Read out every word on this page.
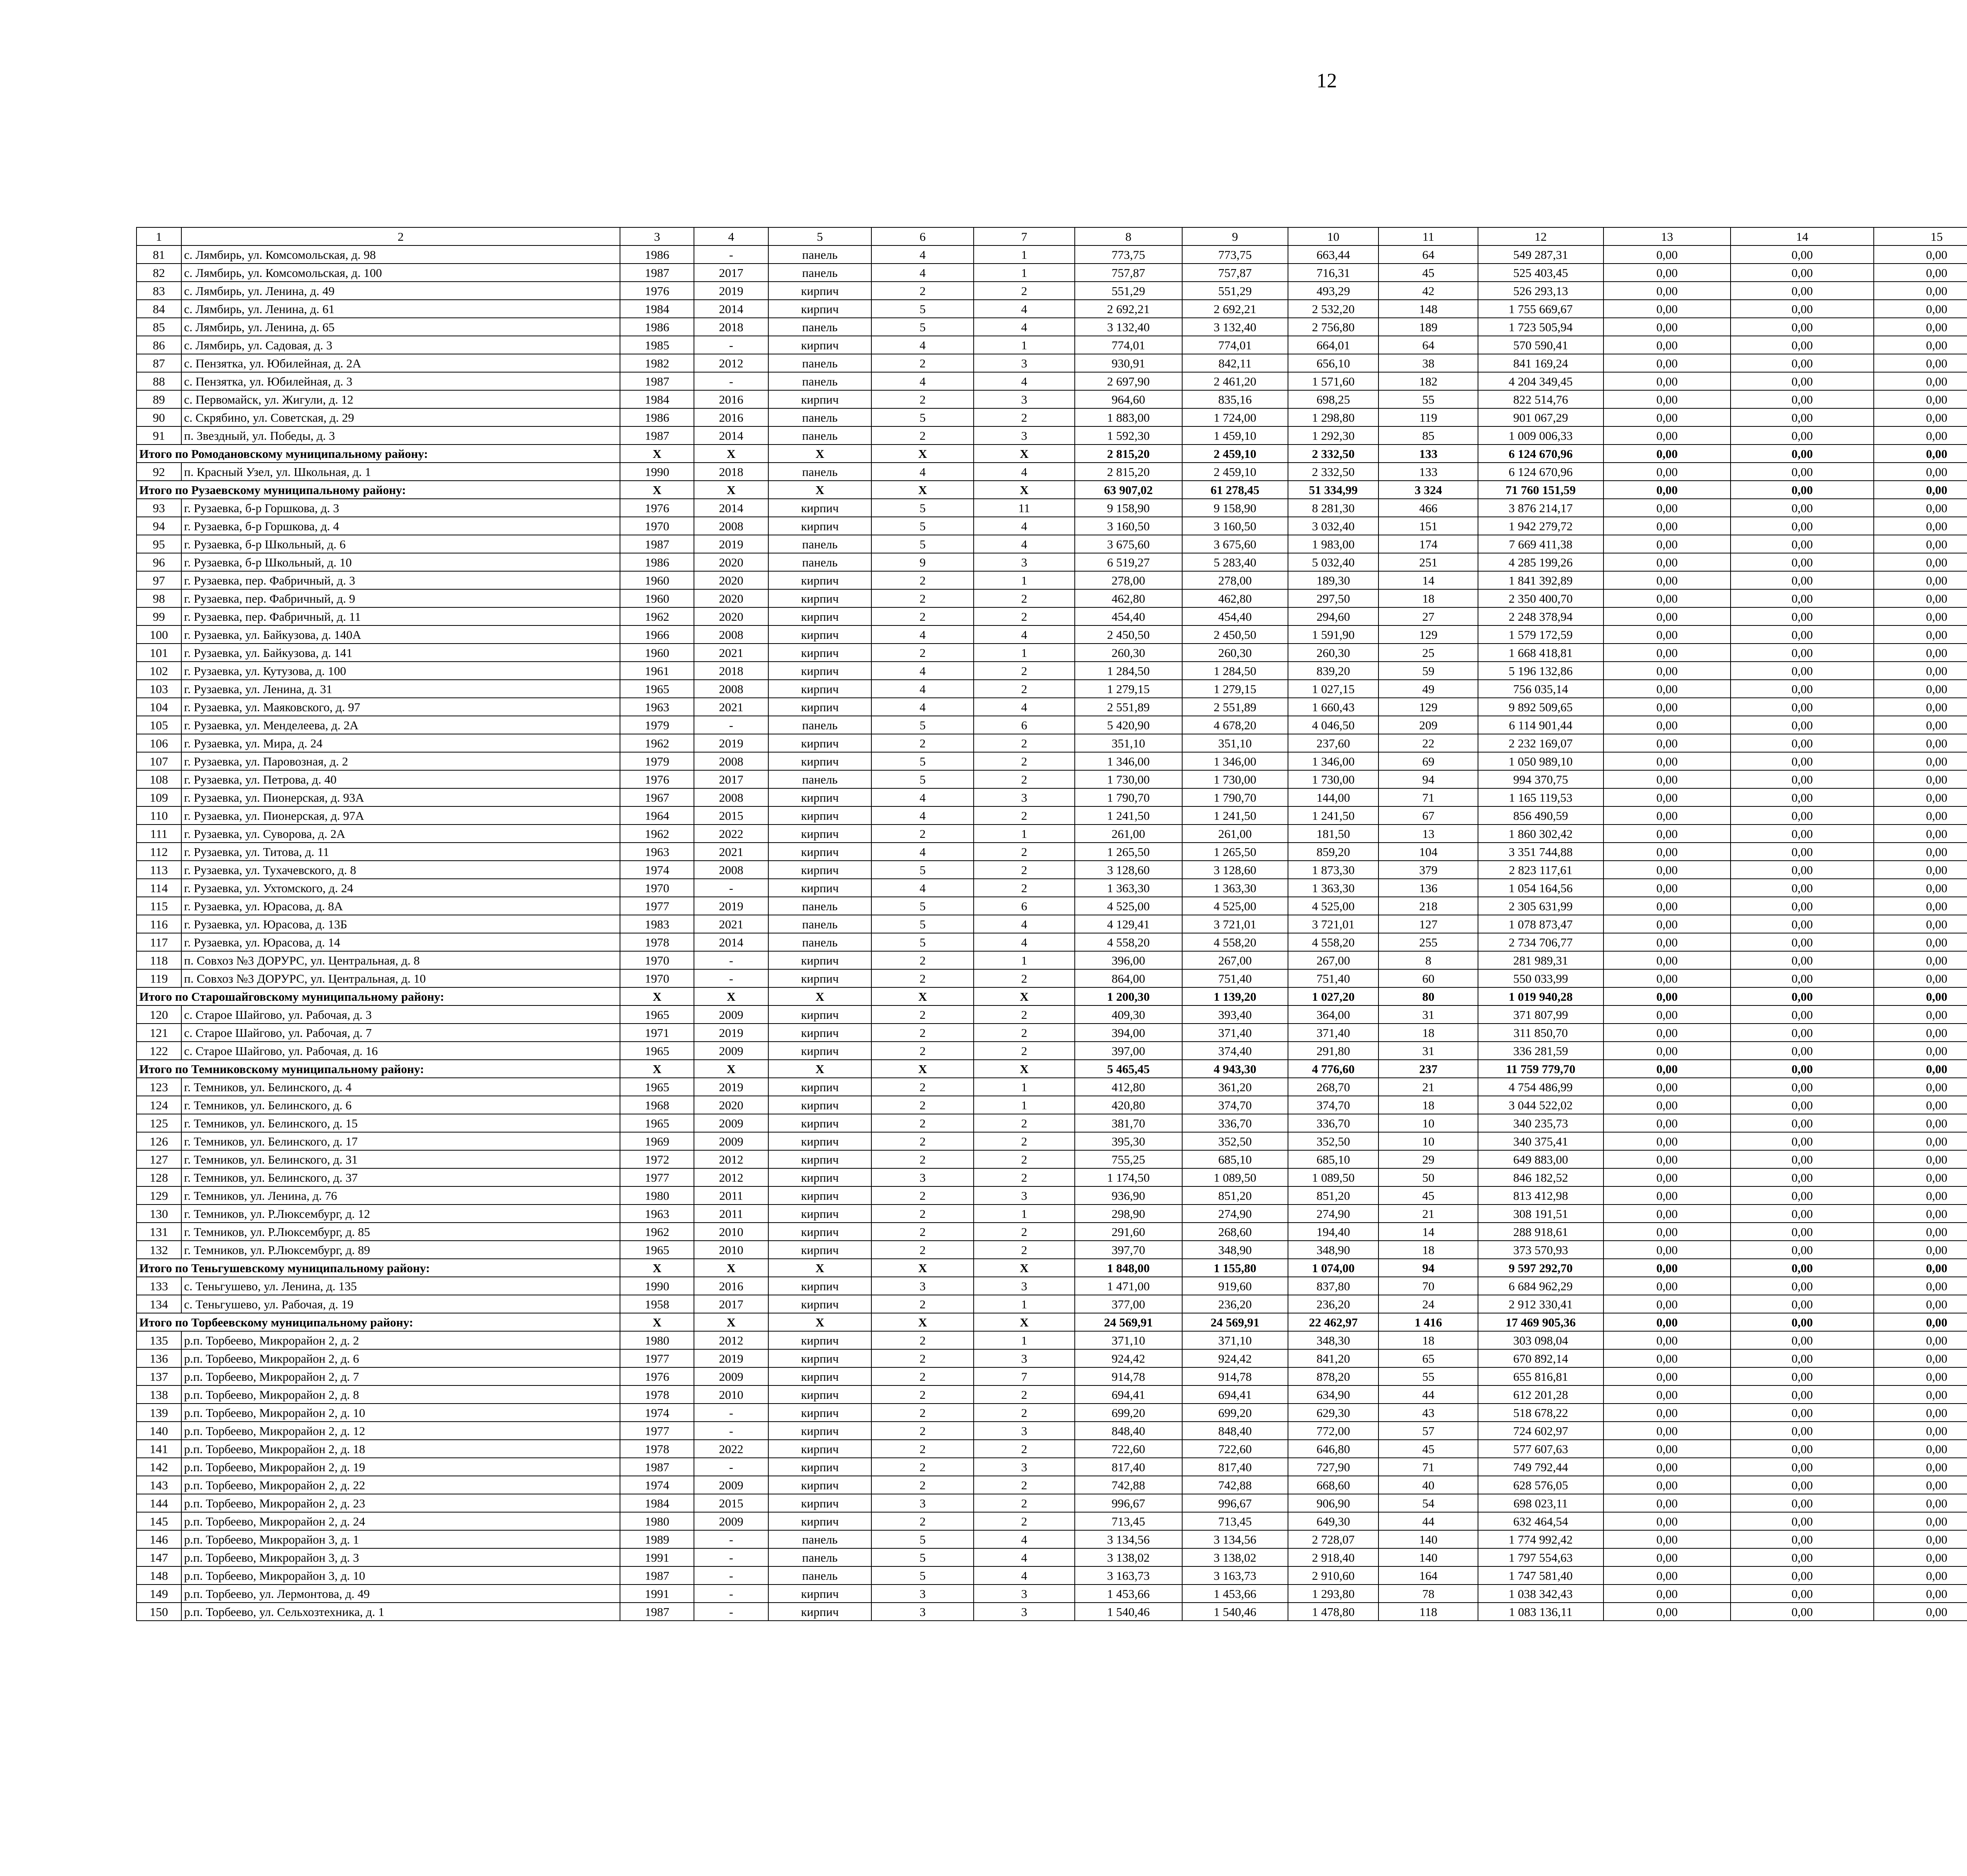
12
1	2	3	4	5	6	7	8	9	10	11	12	13	14	15				
81	с. Лямбирь, ул. Комсомольская, д. 98	1986	-	панель	4	1	773,75	773,75	663,44	64	549 287,31	0,00	0,00	0,00				
82	с. Лямбирь, ул. Комсомольская, д. 100	1987	2017	панель	4	1	757,87	757,87	716,31	45	525 403,45	0,00	0,00	0,00				
83	с. Лямбирь, ул. Ленина, д. 49	1976	2019	кирпич	2	2	551,29	551,29	493,29	42	526 293,13	0,00	0,00	0,00				
84	с. Лямбирь, ул. Ленина, д. 61	1984	2014	кирпич	5	4	2 692,21	2 692,21	2 532,20	148	1 755 669,67	0,00	0,00	0,00				
85	с. Лямбирь, ул. Ленина, д. 65	1986	2018	панель	5	4	3 132,40	3 132,40	2 756,80	189	1 723 505,94	0,00	0,00	0,00				
86	с. Лямбирь, ул. Садовая, д. 3	1985	-	кирпич	4	1	774,01	774,01	664,01	64	570 590,41	0,00	0,00	0,00				
87	с. Пензятка, ул. Юбилейная, д. 2А	1982	2012	панель	2	3	930,91	842,11	656,10	38	841 169,24	0,00	0,00	0,00				
88	с. Пензятка, ул. Юбилейная, д. 3	1987	-	панель	4	4	2 697,90	2 461,20	1 571,60	182	4 204 349,45	0,00	0,00	0,00				
89	с. Первомайск, ул. Жигули, д. 12	1984	2016	кирпич	2	3	964,60	835,16	698,25	55	822 514,76	0,00	0,00	0,00				
90	с. Скрябино, ул. Советская, д. 29	1986	2016	панель	5	2	1 883,00	1 724,00	1 298,80	119	901 067,29	0,00	0,00	0,00				
91	п. Звездный, ул. Победы, д. 3	1987	2014	панель	2	3	1 592,30	1 459,10	1 292,30	85	1 009 006,33	0,00	0,00	0,00				
Итого по Ромодановскому муниципальному району:		X	X	X	X	X	2 815,20	2 459,10	2 332,50	133	6 124 670,96	0,00	0,00	0,00				
92	п. Красный Узел, ул. Школьная, д. 1	1990	2018	панель	4	4	2 815,20	2 459,10	2 332,50	133	6 124 670,96	0,00	0,00	0,00				
Итого по Рузаевскому муниципальному району:		X	X	X	X	X	63 907,02	61 278,45	51 334,99	3 324	71 760 151,59	0,00	0,00	0,00				
93	г. Рузаевка, б-р Горшкова, д. 3	1976	2014	кирпич	5	11	9 158,90	9 158,90	8 281,30	466	3 876 214,17	0,00	0,00	0,00				
94	г. Рузаевка, б-р Горшкова, д. 4	1970	2008	кирпич	5	4	3 160,50	3 160,50	3 032,40	151	1 942 279,72	0,00	0,00	0,00				
95	г. Рузаевка, б-р Школьный, д. 6	1987	2019	панель	5	4	3 675,60	3 675,60	1 983,00	174	7 669 411,38	0,00	0,00	0,00				
96	г. Рузаевка, б-р Школьный, д. 10	1986	2020	панель	9	3	6 519,27	5 283,40	5 032,40	251	4 285 199,26	0,00	0,00	0,00				
97	г. Рузаевка, пер. Фабричный, д. 3	1960	2020	кирпич	2	1	278,00	278,00	189,30	14	1 841 392,89	0,00	0,00	0,00				
98	г. Рузаевка, пер. Фабричный, д. 9	1960	2020	кирпич	2	2	462,80	462,80	297,50	18	2 350 400,70	0,00	0,00	0,00				
99	г. Рузаевка, пер. Фабричный, д. 11	1962	2020	кирпич	2	2	454,40	454,40	294,60	27	2 248 378,94	0,00	0,00	0,00				
100	г. Рузаевка, ул. Байкузова, д. 140А	1966	2008	кирпич	4	4	2 450,50	2 450,50	1 591,90	129	1 579 172,59	0,00	0,00	0,00				
101	г. Рузаевка, ул. Байкузова, д. 141	1960	2021	кирпич	2	1	260,30	260,30	260,30	25	1 668 418,81	0,00	0,00	0,00				
102	г. Рузаевка, ул. Кутузова, д. 100	1961	2018	кирпич	4	2	1 284,50	1 284,50	839,20	59	5 196 132,86	0,00	0,00	0,00				
103	г. Рузаевка, ул. Ленина, д. 31	1965	2008	кирпич	4	2	1 279,15	1 279,15	1 027,15	49	756 035,14	0,00	0,00	0,00				
104	г. Рузаевка, ул. Маяковского, д. 97	1963	2021	кирпич	4	4	2 551,89	2 551,89	1 660,43	129	9 892 509,65	0,00	0,00	0,00				
105	г. Рузаевка, ул. Менделеева, д. 2А	1979	-	панель	5	6	5 420,90	4 678,20	4 046,50	209	6 114 901,44	0,00	0,00	0,00				
106	г. Рузаевка, ул. Мира, д. 24	1962	2019	кирпич	2	2	351,10	351,10	237,60	22	2 232 169,07	0,00	0,00	0,00				
107	г. Рузаевка, ул. Паровозная, д. 2	1979	2008	кирпич	5	2	1 346,00	1 346,00	1 346,00	69	1 050 989,10	0,00	0,00	0,00				
108	г. Рузаевка, ул. Петрова, д. 40	1976	2017	панель	5	2	1 730,00	1 730,00	1 730,00	94	994 370,75	0,00	0,00	0,00				
109	г. Рузаевка, ул. Пионерская, д. 93А	1967	2008	кирпич	4	3	1 790,70	1 790,70	144,00	71	1 165 119,53	0,00	0,00	0,00				
110	г. Рузаевка, ул. Пионерская, д. 97А	1964	2015	кирпич	4	2	1 241,50	1 241,50	1 241,50	67	856 490,59	0,00	0,00	0,00				
111	г. Рузаевка, ул. Суворова, д. 2А	1962	2022	кирпич	2	1	261,00	261,00	181,50	13	1 860 302,42	0,00	0,00	0,00				
112	г. Рузаевка, ул. Титова, д. 11	1963	2021	кирпич	4	2	1 265,50	1 265,50	859,20	104	3 351 744,88	0,00	0,00	0,00				
113	г. Рузаевка, ул. Тухачевского, д. 8	1974	2008	кирпич	5	2	3 128,60	3 128,60	1 873,30	379	2 823 117,61	0,00	0,00	0,00				
114	г. Рузаевка, ул. Ухтомского, д. 24	1970	-	кирпич	4	2	1 363,30	1 363,30	1 363,30	136	1 054 164,56	0,00	0,00	0,00				
115	г. Рузаевка, ул. Юрасова, д. 8А	1977	2019	панель	5	6	4 525,00	4 525,00	4 525,00	218	2 305 631,99	0,00	0,00	0,00				
116	г. Рузаевка, ул. Юрасова, д. 13Б	1983	2021	панель	5	4	4 129,41	3 721,01	3 721,01	127	1 078 873,47	0,00	0,00	0,00				
117	г. Рузаевка, ул. Юрасова, д. 14	1978	2014	панель	5	4	4 558,20	4 558,20	4 558,20	255	2 734 706,77	0,00	0,00	0,00				
118	п. Совхоз №3 ДОРУРС, ул. Центральная, д. 8	1970	-	кирпич	2	1	396,00	267,00	267,00	8	281 989,31	0,00	0,00	0,00				
119	п. Совхоз №3 ДОРУРС, ул. Центральная, д. 10	1970	-	кирпич	2	2	864,00	751,40	751,40	60	550 033,99	0,00	0,00	0,00				
Итого по Старошайговскому муниципальному району:		X	X	X	X	X	1 200,30	1 139,20	1 027,20	80	1 019 940,28	0,00	0,00	0,00				
120	с. Старое Шайгово, ул. Рабочая, д. 3	1965	2009	кирпич	2	2	409,30	393,40	364,00	31	371 807,99	0,00	0,00	0,00				
121	с. Старое Шайгово, ул. Рабочая, д. 7	1971	2019	кирпич	2	2	394,00	371,40	371,40	18	311 850,70	0,00	0,00	0,00				
122	с. Старое Шайгово, ул. Рабочая, д. 16	1965	2009	кирпич	2	2	397,00	374,40	291,80	31	336 281,59	0,00	0,00	0,00				
Итого по Темниковскому муниципальному району:		X	X	X	X	X	5 465,45	4 943,30	4 776,60	237	11 759 779,70	0,00	0,00	0,00				
123	г. Темников, ул. Белинского, д. 4	1965	2019	кирпич	2	1	412,80	361,20	268,70	21	4 754 486,99	0,00	0,00	0,00				
124	г. Темников, ул. Белинского, д. 6	1968	2020	кирпич	2	1	420,80	374,70	374,70	18	3 044 522,02	0,00	0,00	0,00				
125	г. Темников, ул. Белинского, д. 15	1965	2009	кирпич	2	2	381,70	336,70	336,70	10	340 235,73	0,00	0,00	0,00				
126	г. Темников, ул. Белинского, д. 17	1969	2009	кирпич	2	2	395,30	352,50	352,50	10	340 375,41	0,00	0,00	0,00				
127	г. Темников, ул. Белинского, д. 31	1972	2012	кирпич	2	2	755,25	685,10	685,10	29	649 883,00	0,00	0,00	0,00				
128	г. Темников, ул. Белинского, д. 37	1977	2012	кирпич	3	2	1 174,50	1 089,50	1 089,50	50	846 182,52	0,00	0,00	0,00				
129	г. Темников, ул. Ленина, д. 76	1980	2011	кирпич	2	3	936,90	851,20	851,20	45	813 412,98	0,00	0,00	0,00				
130	г. Темников, ул. Р.Люксембург, д. 12	1963	2011	кирпич	2	1	298,90	274,90	274,90	21	308 191,51	0,00	0,00	0,00				
131	г. Темников, ул. Р.Люксембург, д. 85	1962	2010	кирпич	2	2	291,60	268,60	194,40	14	288 918,61	0,00	0,00	0,00				
132	г. Темников, ул. Р.Люксембург, д. 89	1965	2010	кирпич	2	2	397,70	348,90	348,90	18	373 570,93	0,00	0,00	0,00				
Итого по Теньгушевскому муниципальному району:		X	X	X	X	X	1 848,00	1 155,80	1 074,00	94	9 597 292,70	0,00	0,00	0,00				
133	с. Теньгушево, ул. Ленина, д. 135	1990	2016	кирпич	3	3	1 471,00	919,60	837,80	70	6 684 962,29	0,00	0,00	0,00				
134	с. Теньгушево, ул. Рабочая, д. 19	1958	2017	кирпич	2	1	377,00	236,20	236,20	24	2 912 330,41	0,00	0,00	0,00				
Итого по Торбеевскому муниципальному району:		X	X	X	X	X	24 569,91	24 569,91	22 462,97	1 416	17 469 905,36	0,00	0,00	0,00				
135	р.п. Торбеево, Микрорайон 2, д. 2	1980	2012	кирпич	2	1	371,10	371,10	348,30	18	303 098,04	0,00	0,00	0,00				
136	р.п. Торбеево, Микрорайон 2, д. 6	1977	2019	кирпич	2	3	924,42	924,42	841,20	65	670 892,14	0,00	0,00	0,00				
137	р.п. Торбеево, Микрорайон 2, д. 7	1976	2009	кирпич	2	7	914,78	914,78	878,20	55	655 816,81	0,00	0,00	0,00				
138	р.п. Торбеево, Микрорайон 2, д. 8	1978	2010	кирпич	2	2	694,41	694,41	634,90	44	612 201,28	0,00	0,00	0,00				
139	р.п. Торбеево, Микрорайон 2, д. 10	1974	-	кирпич	2	2	699,20	699,20	629,30	43	518 678,22	0,00	0,00	0,00				
140	р.п. Торбеево, Микрорайон 2, д. 12	1977	-	кирпич	2	3	848,40	848,40	772,00	57	724 602,97	0,00	0,00	0,00				
141	р.п. Торбеево, Микрорайон 2, д. 18	1978	2022	кирпич	2	2	722,60	722,60	646,80	45	577 607,63	0,00	0,00	0,00				
142	р.п. Торбеево, Микрорайон 2, д. 19	1987	-	кирпич	2	3	817,40	817,40	727,90	71	749 792,44	0,00	0,00	0,00				
143	р.п. Торбеево, Микрорайон 2, д. 22	1974	2009	кирпич	2	2	742,88	742,88	668,60	40	628 576,05	0,00	0,00	0,00				
144	р.п. Торбеево, Микрорайон 2, д. 23	1984	2015	кирпич	3	2	996,67	996,67	906,90	54	698 023,11	0,00	0,00	0,00				
145	р.п. Торбеево, Микрорайон 2, д. 24	1980	2009	кирпич	2	2	713,45	713,45	649,30	44	632 464,54	0,00	0,00	0,00				
146	р.п. Торбеево, Микрорайон 3, д. 1	1989	-	панель	5	4	3 134,56	3 134,56	2 728,07	140	1 774 992,42	0,00	0,00	0,00				
147	р.п. Торбеево, Микрорайон 3, д. 3	1991	-	панель	5	4	3 138,02	3 138,02	2 918,40	140	1 797 554,63	0,00	0,00	0,00				
148	р.п. Торбеево, Микрорайон 3, д. 10	1987	-	панель	5	4	3 163,73	3 163,73	2 910,60	164	1 747 581,40	0,00	0,00	0,00				
149	р.п. Торбеево, ул. Лермонтова, д. 49	1991	-	кирпич	3	3	1 453,66	1 453,66	1 293,80	78	1 038 342,43	0,00	0,00	0,00				
150	р.п. Торбеево, ул. Сельхозтехника, д. 1	1987	-	кирпич	3	3	1 540,46	1 540,46	1 478,80	118	1 083 136,11	0,00	0,00	0,00				
